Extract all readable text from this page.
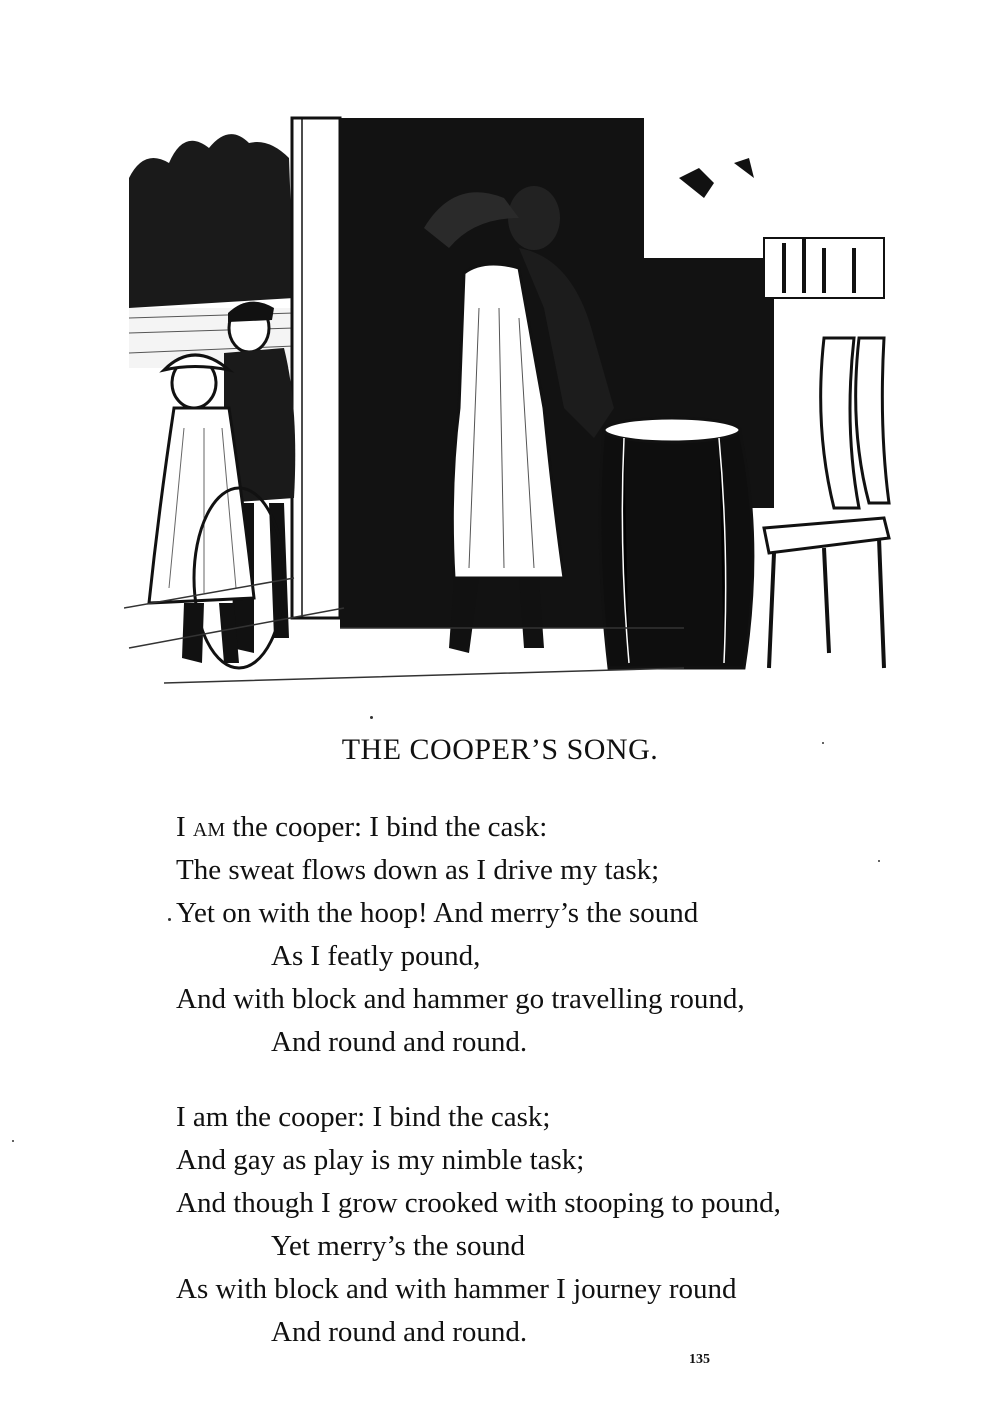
THE COOPER’S SONG.
I am the cooper: I bind the cask:
The sweat flows down as I drive my task;
Yet on with the hoop! And merry’s the sound
As I featly pound,
And with block and hammer go travelling round,
And round and round.
I am the cooper: I bind the cask;
And gay as play is my nimble task;
And though I grow crooked with stooping to pound,
Yet merry’s the sound
As with block and with hammer I journey round
And round and round.
135
